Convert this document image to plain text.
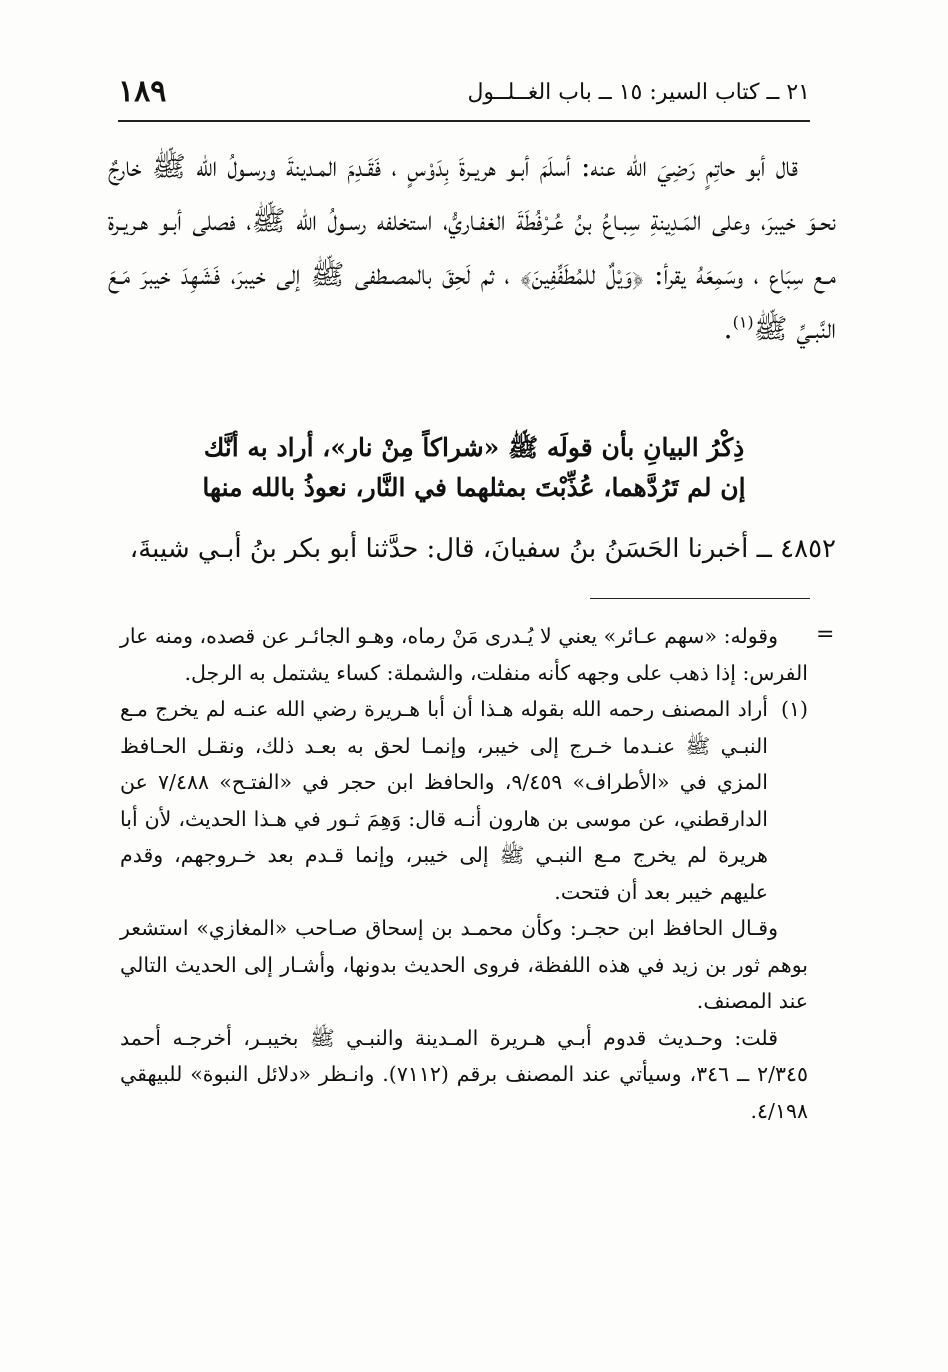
٢١ ــ كتاب السير: ١٥ ــ باب الغــلــول
١٨٩

قال أبو حاتِمٍ رَضِيَ الله عنه: أسلَمَ أبـو هريـرةَ بِدَوْسٍ ، فَقَـدِمَ المـدينةَ ورسـولُ الله ﷺ خارجٌ نحـوَ خيبرَ، وعلى المَـدِينةِ سِبـاعُ بنُ عُـرْفُطَةَ الغفـاريُّ، استخلفه رسـولُ الله ﷺ، فصلى أبـو هـريـرة مـع سِبَاع ، وسَمِعَهُ يقرأ: ﴿وَيْلٌ للمُطَفِّفِينَ﴾ ، ثم لَحِقَ بالمصـطفى ﷺ إلى خيبرَ، فَشَهِدَ خيبرَ مَـعَ النَّبـيِّ ﷺ$^{(١)}$.

ذِكْرُ البيانِ بأن قولَه ﷺ «شراكاً مِنْ نار»، أراد به أنَّك
إن لم تَرُدَّهما، عُذِّبْتَ بمثلهما في النَّار، نعوذُ بالله منها
٤٨٥٢ ــ أخبرنا الحَسَنُ بنُ سفيانَ، قال: حدَّثنا أبو بكر بنُ أبـي شيبةَ،
=

وقوله: «سهم عـائر» يعني لا يُـدرى مَنْ رماه، وهـو الجائـر عن قصده، ومنه عار الفرس: إذا ذهب على وجهه كأنه منفلت، والشملة: كساء يشتمل به الرجل.

(١)
أراد المصنف رحمه الله بقوله هـذا أن أبا هـريرة رضي الله عنـه لم يخرج مـع النبـي ﷺ عنـدما خـرج إلى خيبر، وإنمـا لحق به بعـد ذلك، ونقـل الحـافظ المزي في «الأطراف» ٩/٤٥٩، والحافظ ابن حجر في «الفتـح» ٧/٤٨٨ عن الدارقطني، عن موسى بن هارون أنـه قال: وَهِمَ ثـور في هـذا الحديث، لأن أبا هريرة لم يخرج مـع النبـي ﷺ إلى خيبر، وإنما قـدم بعد خـروجهم، وقدم عليهم خيبر بعد أن فتحت.

وقـال الحافظ ابن حجـر: وكأن محمـد بن إسحاق صـاحب «المغازي» استشعر بوهم ثور بن زيد في هذه اللفظة، فروى الحديث بدونها، وأشـار إلى الحديث التالي عند المصنف.

قلت: وحـديث قدوم أبـي هـريرة المـدينة والنبـي ﷺ بخيبـر، أخرجـه أحمد ٢/٣٤٥ ــ ٣٤٦، وسيأتي عند المصنف برقم (٧١١٢). وانـظر «دلائل النبوة» للبيهقي ٤/١٩٨.
